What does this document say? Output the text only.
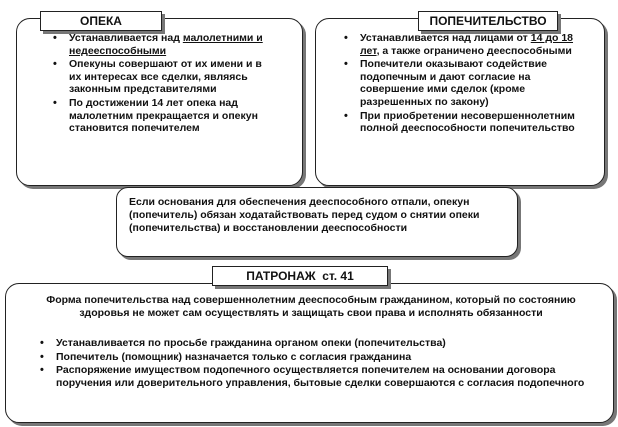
• Устанавливается над малолетними и недееспособными
• Опекуны совершают от их имени и в их интересах все сделки, являясь законным представителями
• По достижении 14 лет опека над малолетним прекращается и опекун становится попечителем
ОПЕКА
• Устанавливается над лицами от 14 до 18 лет, а также ограничено дееспособными
• Попечители оказывают содействие подопечным и дают согласие на совершение ими сделок (кроме разрешенных по закону)
• При приобретении несовершеннолетним полной дееспособности попечительство
ПОПЕЧИТЕЛЬСТВО
Если основания для обеспечения дееспособного отпали, опекун (попечитель) обязан ходатайствовать перед судом о снятии опеки (попечительства) и восстановлении дееспособности
Форма попечительства над совершеннолетним дееспособным гражданином, который по состоянию здоровья не может сам осуществлять и защищать свои права и исполнять обязанности
• Устанавливается по просьбе гражданина органом опеки (попечительства)
• Попечитель (помощник) назначается только с согласия гражданина
• Распоряжение имуществом подопечного осуществляется попечителем на основании договора поручения или доверительного управления, бытовые сделки совершаются с согласия подопечного
ПАТРОНАЖ  ст. 41
